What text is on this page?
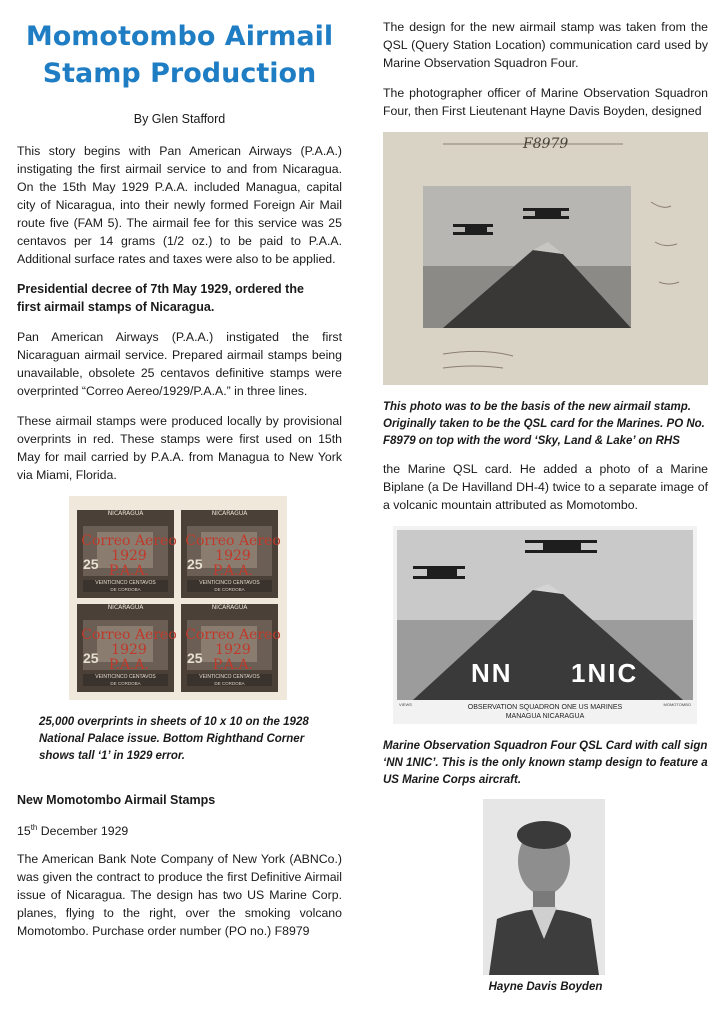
Momotombo Airmail
Stamp Production
By Glen Stafford

This story begins with Pan American Airways (P.A.A.) instigating the first airmail service to and from Nicaragua. On the 15th May 1929 P.A.A. included Managua, capital city of Nicaragua, into their newly formed Foreign Air Mail route five (FAM 5). The airmail fee for this service was 25 centavos per 14 grams (1/2 oz.) to be paid to P.A.A. Additional surface rates and taxes were also to be applied.

Presidential decree of 7th May 1929, ordered the
first airmail stamps of Nicaragua.

Pan American Airways (P.A.A.) instigated the first Nicaraguan airmail service. Prepared airmail stamps being unavailable, obsolete 25 centavos definitive stamps were overprinted “Correo Aereo/1929/P.A.A.” in three lines.

These airmail stamps were produced locally by provisional overprints in red. These stamps were first used on 15th May for mail carried by P.A.A. from Managua to New York via Miami, Florida.

NICARAGUA	NICARAGUA
NICARAGUA	NICARAGUA
25	25
25	25
VEINTICINCO CENTAVOS	VEINTICINCO CENTAVOS
VEINTICINCO CENTAVOS	VEINTICINCO CENTAVOS
DE CORDOBA	DE CORDOBA
DE CORDOBA	DE CORDOBA
Correo Aereo
1929
P.A.A.
Correo Aereo
1929
P.A.A.
Correo Aereo
1929
P.A.A.
Correo Aereo
1929
P.A.A.

25,000 overprints in sheets of 10 x 10 on the 1928 National Palace issue. Bottom Righthand Corner shows tall ‘1’ in 1929 error.

New Momotombo Airmail Stamps

15th December 1929

The American Bank Note Company of New York (ABNCo.) was given the contract to produce the first Definitive Airmail issue of Nicaragua. The design has two US Marine Corp. planes, flying to the right, over the smoking volcano Momotombo. Purchase order number (PO no.) F8979

The design for the new airmail stamp was taken from the QSL (Query Station Location) communication card used by Marine Observation Squadron Four.

The photographer officer of Marine Observation Squadron Four, then First Lieutenant Hayne Davis Boyden, designed

F8979

This photo was to be the basis of the new airmail stamp. Originally taken to be the QSL card for the Marines. PO No. F8979 on top with the word ‘Sky, Land & Lake’ on RHS

the Marine QSL card. He added a photo of a Marine Biplane (a De Havilland DH-4) twice to a separate image of a volcanic mountain attributed as Momotombo.

NN 1NIC
VIEWS	MOMOTOMBO
OBSERVATION SQUADRON ONE US MARINES
MANAGUA NICARAGUA

Marine Observation Squadron Four QSL Card with call sign ‘NN 1NIC’. This is the only known stamp design to feature a US Marine Corps aircraft.

Hayne Davis Boyden
